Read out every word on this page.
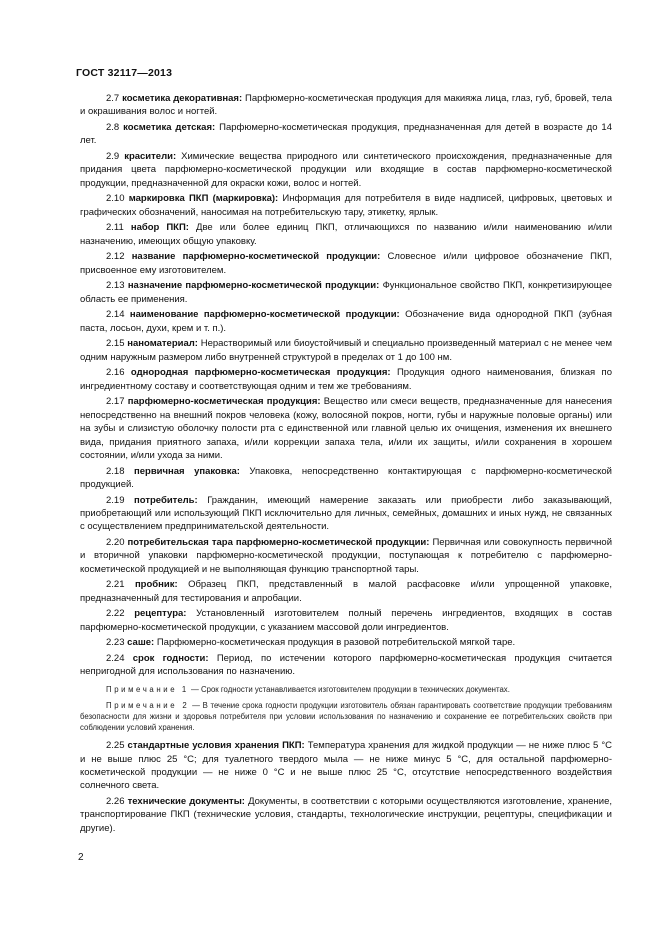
ГОСТ 32117—2013
2.7 косметика декоративная: Парфюмерно-косметическая продукция для макияжа лица, глаз, губ, бровей, тела и окрашивания волос и ногтей.
2.8 косметика детская: Парфюмерно-косметическая продукция, предназначенная для детей в возрасте до 14 лет.
2.9 красители: Химические вещества природного или синтетического происхождения, предназначенные для придания цвета парфюмерно-косметической продукции или входящие в состав парфюмерно-косметической продукции, предназначенной для окраски кожи, волос и ногтей.
2.10 маркировка ПКП (маркировка): Информация для потребителя в виде надписей, цифровых, цветовых и графических обозначений, наносимая на потребительскую тару, этикетку, ярлык.
2.11 набор ПКП: Две или более единиц ПКП, отличающихся по названию и/или наименованию и/или назначению, имеющих общую упаковку.
2.12 название парфюмерно-косметической продукции: Словесное и/или цифровое обозначение ПКП, присвоенное ему изготовителем.
2.13 назначение парфюмерно-косметической продукции: Функциональное свойство ПКП, конкретизирующее область ее применения.
2.14 наименование парфюмерно-косметической продукции: Обозначение вида однородной ПКП (зубная паста, лосьон, духи, крем и т. п.).
2.15 наноматериал: Нерастворимый или биоустойчивый и специально произведенный материал с не менее чем одним наружным размером либо внутренней структурой в пределах от 1 до 100 нм.
2.16 однородная парфюмерно-косметическая продукция: Продукция одного наименования, близкая по ингредиентному составу и соответствующая одним и тем же требованиям.
2.17 парфюмерно-косметическая продукция: Вещество или смеси веществ, предназначенные для нанесения непосредственно на внешний покров человека (кожу, волосяной покров, ногти, губы и наружные половые органы) или на зубы и слизистую оболочку полости рта с единственной или главной целью их очищения, изменения их внешнего вида, придания приятного запаха, и/или коррекции запаха тела, и/или их защиты, и/или сохранения в хорошем состоянии, и/или ухода за ними.
2.18 первичная упаковка: Упаковка, непосредственно контактирующая с парфюмерно-косметической продукцией.
2.19 потребитель: Гражданин, имеющий намерение заказать или приобрести либо заказывающий, приобретающий или использующий ПКП исключительно для личных, семейных, домашних и иных нужд, не связанных с осуществлением предпринимательской деятельности.
2.20 потребительская тара парфюмерно-косметической продукции: Первичная или совокупность первичной и вторичной упаковки парфюмерно-косметической продукции, поступающая к потребителю с парфюмерно-косметической продукцией и не выполняющая функцию транспортной тары.
2.21 пробник: Образец ПКП, представленный в малой расфасовке и/или упрощенной упаковке, предназначенный для тестирования и апробации.
2.22 рецептура: Установленный изготовителем полный перечень ингредиентов, входящих в состав парфюмерно-косметической продукции, с указанием массовой доли ингредиентов.
2.23 саше: Парфюмерно-косметическая продукция в разовой потребительской мягкой таре.
2.24 срок годности: Период, по истечении которого парфюмерно-косметическая продукция считается непригодной для использования по назначению.
Примечание 1 — Срок годности устанавливается изготовителем продукции в технических документах.
Примечание 2 — В течение срока годности продукции изготовитель обязан гарантировать соответствие продукции требованиям безопасности для жизни и здоровья потребителя при условии использования по назначению и сохранение ее потребительских свойств при соблюдении условий хранения.
2.25 стандартные условия хранения ПКП: Температура хранения для жидкой продукции — не ниже плюс 5 °С и не выше плюс 25 °С; для туалетного твердого мыла — не ниже минус 5 °С, для остальной парфюмерно-косметической продукции — не ниже 0 °С и не выше плюс 25 °С, отсутствие непосредственного воздействия солнечного света.
2.26 технические документы: Документы, в соответствии с которыми осуществляются изготовление, хранение, транспортирование ПКП (технические условия, стандарты, технологические инструкции, рецептуры, спецификации и другие).
2
